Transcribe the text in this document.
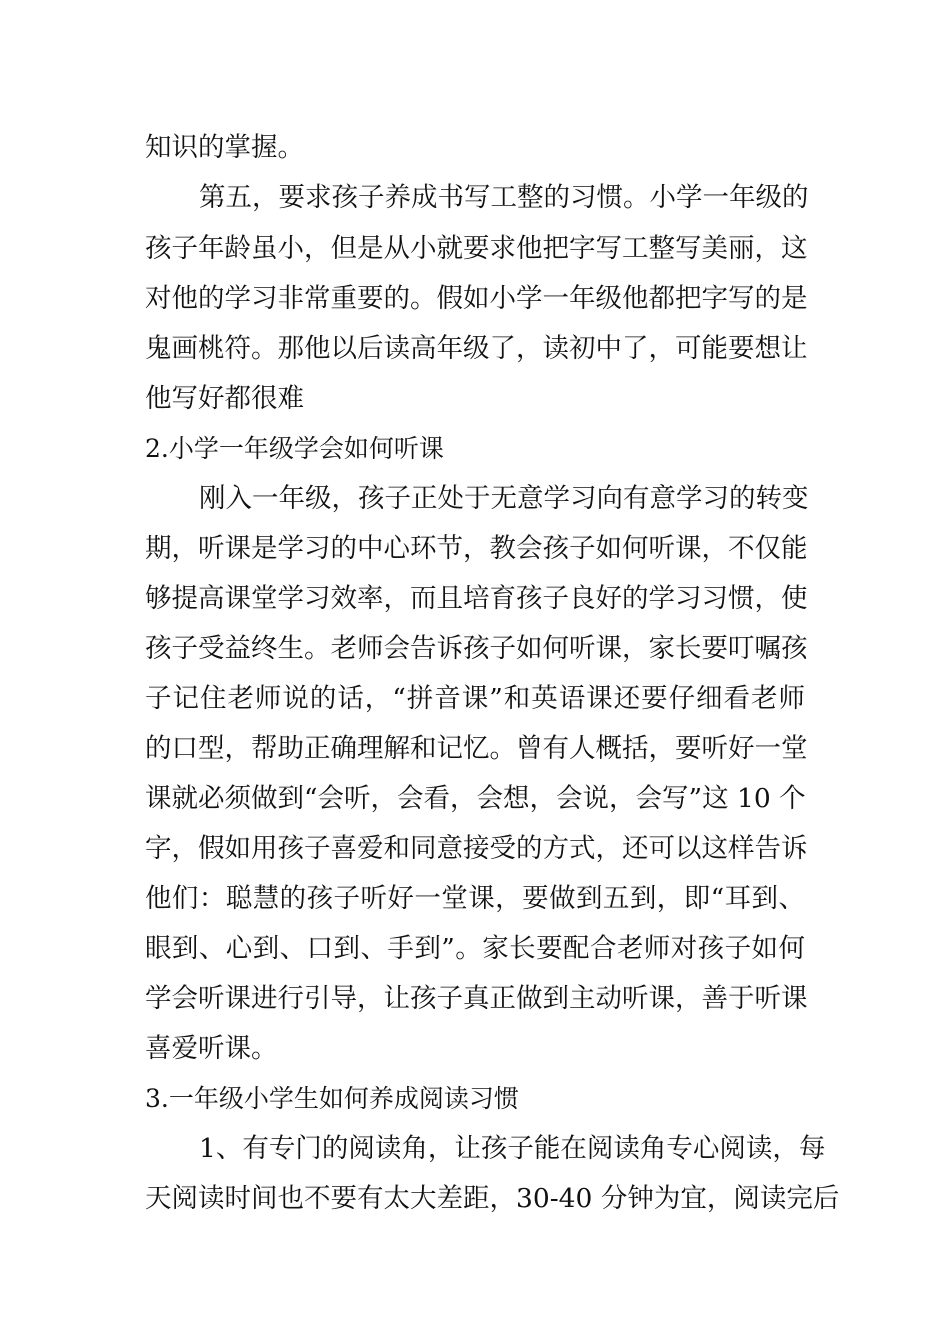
知识的掌握。
第五，要求孩子养成书写工整的习惯。小学一年级的
孩子年龄虽小，但是从小就要求他把字写工整写美丽，这
对他的学习非常重要的。假如小学一年级他都把字写的是
鬼画桃符。那他以后读高年级了，读初中了，可能要想让
他写好都很难
2.小学一年级学会如何听课
刚入一年级，孩子正处于无意学习向有意学习的转变
期，听课是学习的中心环节，教会孩子如何听课，不仅能
够提高课堂学习效率，而且培育孩子良好的学习习惯，使
孩子受益终生。老师会告诉孩子如何听课，家长要叮嘱孩
子记住老师说的话，“拼音课”和英语课还要仔细看老师
的口型，帮助正确理解和记忆。曾有人概括，要听好一堂
课就必须做到“会听，会看，会想，会说，会写”这 10 个
字，假如用孩子喜爱和同意接受的方式，还可以这样告诉
他们：聪慧的孩子听好一堂课，要做到五到，即“耳到、
眼到、心到、口到、手到”。家长要配合老师对孩子如何
学会听课进行引导，让孩子真正做到主动听课，善于听课
喜爱听课。
3.一年级小学生如何养成阅读习惯
1、有专门的阅读角，让孩子能在阅读角专心阅读，每
天阅读时间也不要有太大差距，30-40 分钟为宜，阅读完后
